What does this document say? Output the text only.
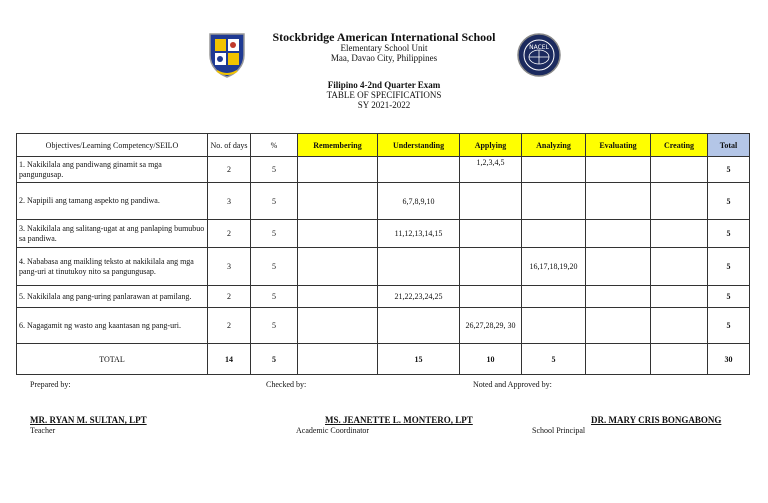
NACEL
Stockbridge American International School
Elementary School Unit
Maa, Davao City, Philippines
Filipino 4-2nd Quarter Exam
TABLE OF SPECIFICATIONS
SY 2021-2022
Objectives/Learning Competency/SEILO	No. of days	%	Remembering	Understanding	Applying	Analyzing	Evaluating	Creating	Total
1. Nakikilala ang pandiwang ginamit sa mga pangungusap.	2	5			1,2,3,4,5				5
2. Napipili ang tamang aspekto ng pandiwa.	3	5		6,7,8,9,10					5
3. Nakikilala ang salitang-ugat at ang panlaping bumubuo sa pandiwa.	2	5		11,12,13,14,15					5
4. Nababasa ang maikling teksto at nakikilala ang mga pang-uri at tinutukoy nito sa pangungusap.	3	5				16,17,18,19,20			5
5. Nakikilala ang pang-uring panlarawan at pamilang.	2	5		21,22,23,24,25					5
6. Nagagamit ng wasto ang kaantasan ng pang-uri.	2	5			26,27,28,29, 30				5
TOTAL	14	5		15	10	5			30
Prepared by:	Checked by:	Noted and Approved by:
MR. RYAN M. SULTAN, LPT	MS. JEANETTE L. MONTERO, LPT	DR. MARY CRIS BONGABONG
Teacher	Academic Coordinator	School Principal
